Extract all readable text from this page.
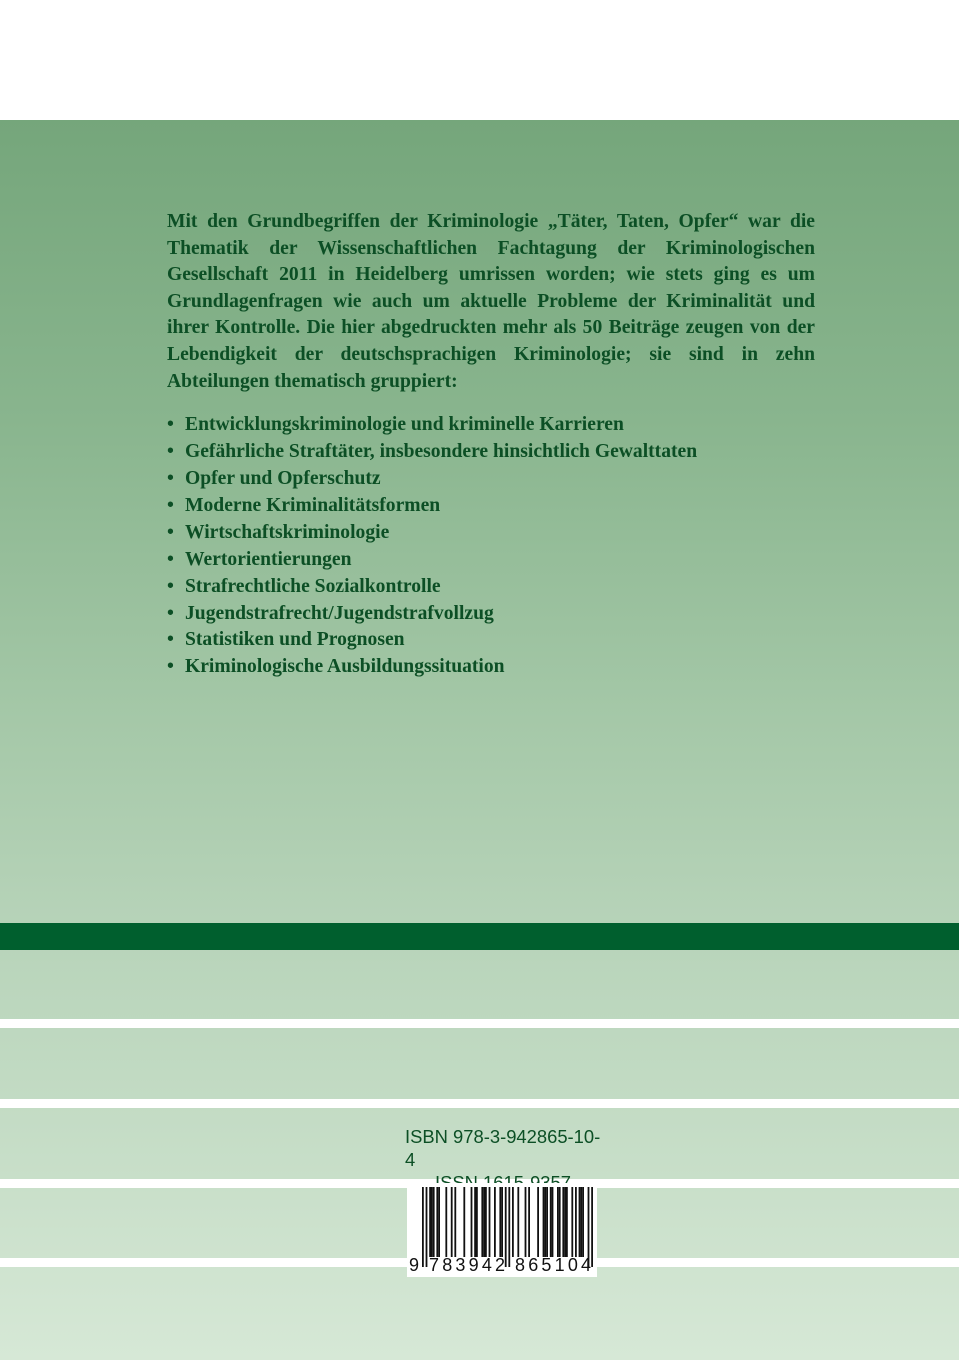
Mit den Grundbegriffen der Kriminologie „Täter, Taten, Opfer“ war die Thematik der Wissenschaftlichen Fachtagung der Kriminologischen Gesellschaft 2011 in Heidelberg umrissen worden; wie stets ging es um Grundlagenfragen wie auch um aktuelle Probleme der Kriminalität und ihrer Kontrolle. Die hier abgedruckten mehr als 50 Beiträge zeugen von der Lebendigkeit der deutschsprachigen Kriminologie; sie sind in zehn Abteilungen thematisch gruppiert:

• Entwicklungskriminologie und kriminelle Karrieren
• Gefährliche Straftäter, insbesondere hinsichtlich Gewalttaten
• Opfer und Opferschutz
• Moderne Kriminalitätsformen
• Wirtschaftskriminologie
• Wertorientierungen
• Strafrechtliche Sozialkontrolle
• Jugendstrafrecht/Jugendstrafvollzug
• Statistiken und Prognosen
• Kriminologische Ausbildungssituation
ISBN 978-3-942865-10-4
9 783942 865104
